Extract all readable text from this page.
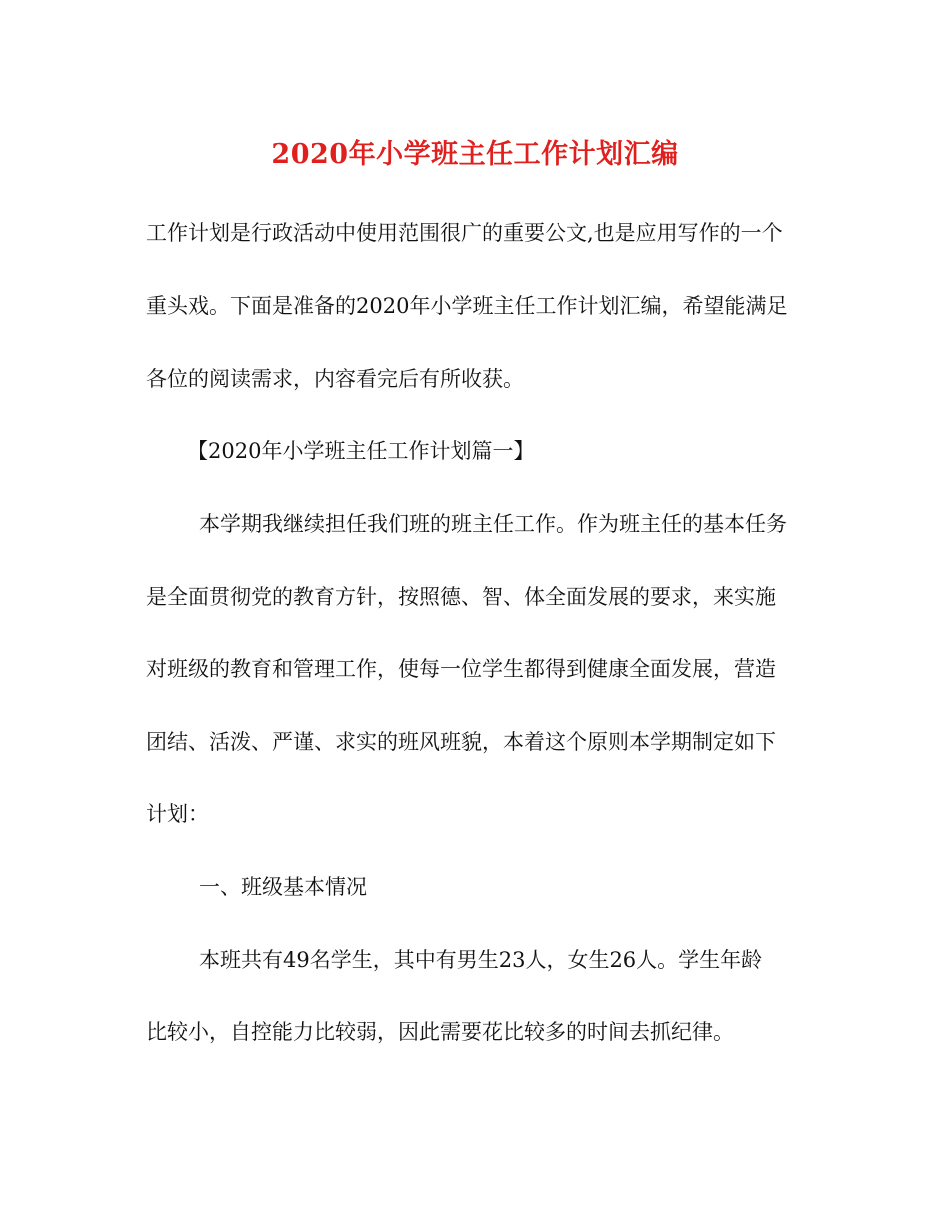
2020年小学班主任工作计划汇编
工作计划是行政活动中使用范围很广的重要公文,也是应用写作的一个
重头戏。下面是准备的2020年小学班主任工作计划汇编，希望能满足
各位的阅读需求，内容看完后有所收获。
【2020年小学班主任工作计划篇一】
本学期我继续担任我们班的班主任工作。作为班主任的基本任务
是全面贯彻党的教育方针，按照德、智、体全面发展的要求，来实施
对班级的教育和管理工作，使每一位学生都得到健康全面发展，营造
团结、活泼、严谨、求实的班风班貌，本着这个原则本学期制定如下
计划：
一、班级基本情况
本班共有49名学生，其中有男生23人，女生26人。学生年龄
比较小，自控能力比较弱，因此需要花比较多的时间去抓纪律。
